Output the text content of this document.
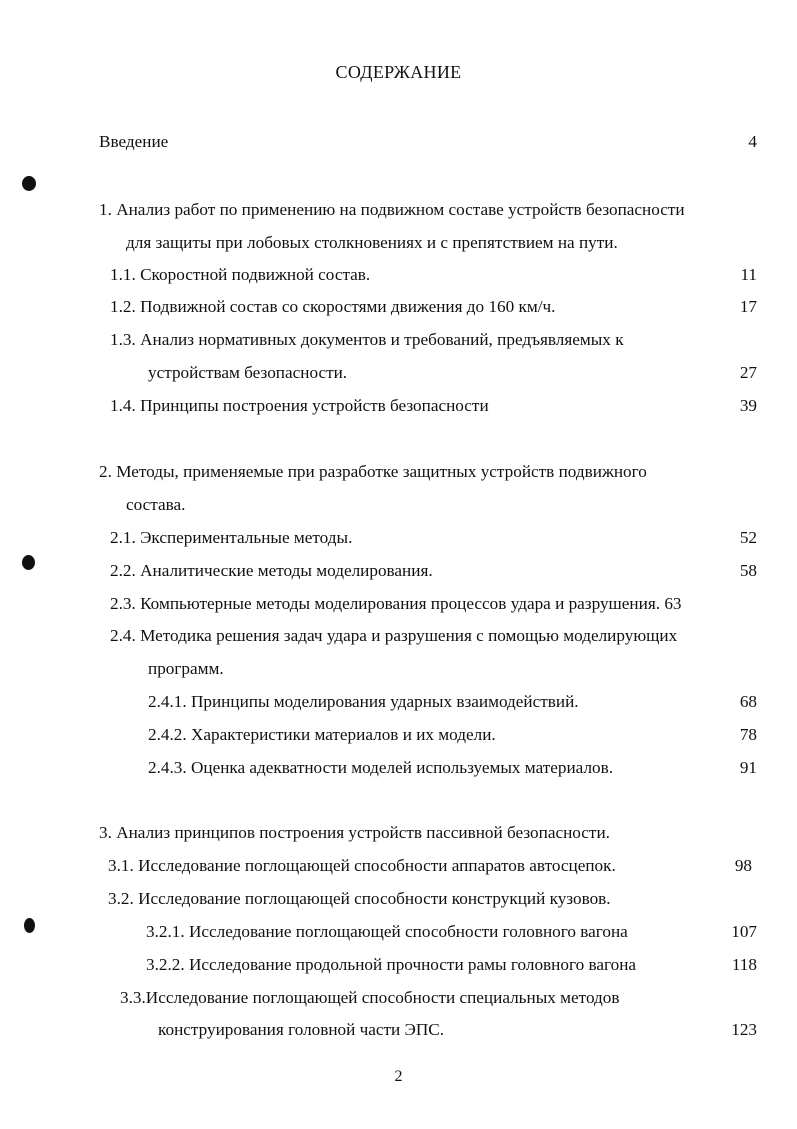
СОДЕРЖАНИЕ
Введение	4
1. Анализ работ по применению на подвижном составе устройств безопасности
для защиты при лобовых столкновениях и с препятствием на пути.
1.1. Скоростной подвижной состав.	11
1.2. Подвижной состав со скоростями движения до 160 км/ч.	17
1.3. Анализ нормативных документов и требований, предъявляемых к
устройствам безопасности.	27
1.4. Принципы построения устройств безопасности	39
2. Методы, применяемые при разработке защитных устройств подвижного
состава.
2.1. Экспериментальные методы.	52
2.2. Аналитические методы моделирования.	58
2.3. Компьютерные методы моделирования процессов удара и разрушения. 63
2.4. Методика решения задач удара и разрушения с помощью моделирующих
программ.
2.4.1. Принципы моделирования ударных взаимодействий.	68
2.4.2. Характеристики материалов и их модели.	78
2.4.3. Оценка адекватности моделей используемых материалов.	91
3. Анализ принципов построения устройств пассивной безопасности.
3.1. Исследование поглощающей способности аппаратов автосцепок.	98
3.2. Исследование поглощающей способности конструкций кузовов.
3.2.1. Исследование поглощающей способности головного вагона	107
3.2.2. Исследование продольной прочности рамы головного вагона	118
3.3.Исследование поглощающей способности специальных методов
конструирования головной части ЭПС.	123
2
